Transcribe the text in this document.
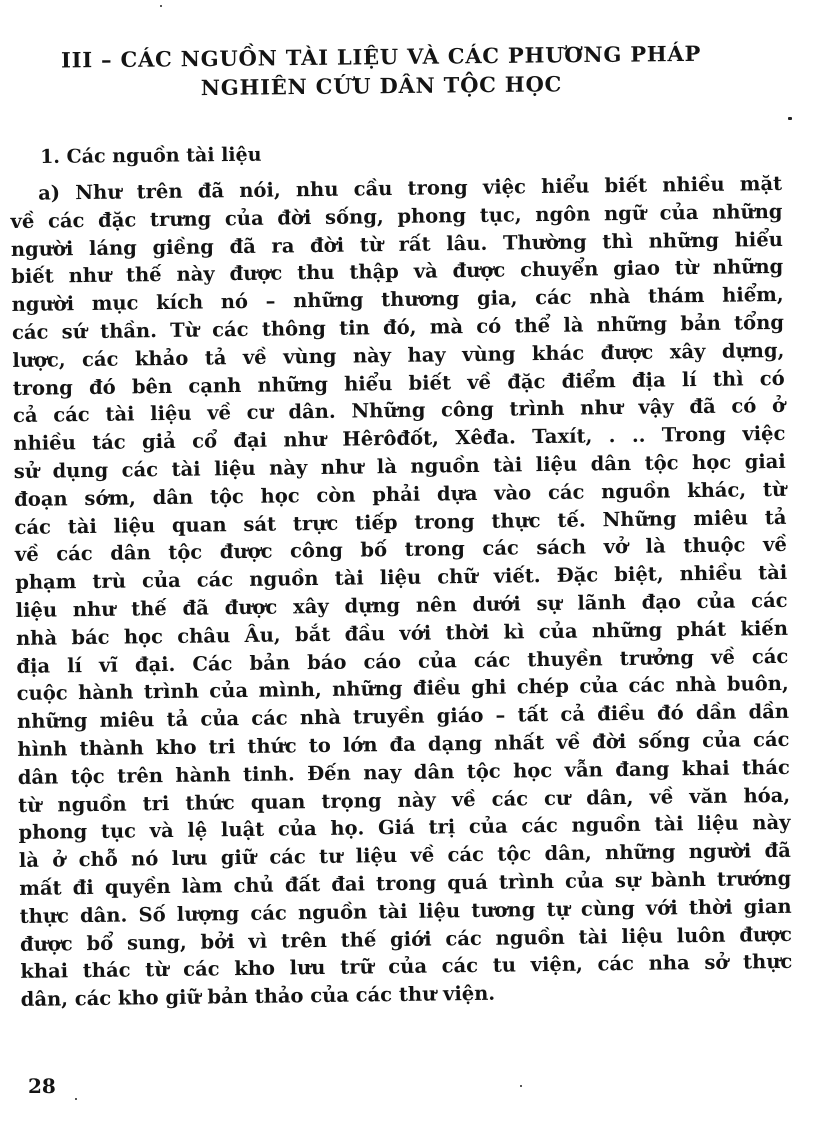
III – CÁC NGUỒN TÀI LIỆU VÀ CÁC PHƯƠNG PHÁP
NGHIÊN CỨU DÂN TỘC HỌC
1. Các nguồn tài liệu
a) Như trên đã nói, nhu cầu trong việc hiểu biết nhiều mặt
về các đặc trưng của đời sống, phong tục, ngôn ngữ của những
người láng giềng đã ra đời từ rất lâu. Thường thì những hiểu
biết như thế này được thu thập và được chuyển giao từ những
người mục kích nó – những thương gia, các nhà thám hiểm,
các sứ thần. Từ các thông tin đó, mà có thể là những bản tổng
lược, các khảo tả về vùng này hay vùng khác được xây dựng,
trong đó bên cạnh những hiểu biết về đặc điểm địa lí thì có
cả các tài liệu về cư dân. Những công trình như vậy đã có ở
nhiều tác giả cổ đại như Hêrôđốt, Xêđa. Taxít, . .. Trong việc
sử dụng các tài liệu này như là nguồn tài liệu dân tộc học giai
đoạn sớm, dân tộc học còn phải dựa vào các nguồn khác, từ
các tài liệu quan sát trực tiếp trong thực tế. Những miêu tả
về các dân tộc được công bố trong các sách vở là thuộc về
phạm trù của các nguồn tài liệu chữ viết. Đặc biệt, nhiều tài
liệu như thế đã được xây dựng nên dưới sự lãnh đạo của các
nhà bác học châu Âu, bắt đầu với thời kì của những phát kiến
địa lí vĩ đại. Các bản báo cáo của các thuyền trưởng về các
cuộc hành trình của mình, những điều ghi chép của các nhà buôn,
những miêu tả của các nhà truyền giáo – tất cả điều đó dần dần
hình thành kho tri thức to lớn đa dạng nhất về đời sống của các
dân tộc trên hành tinh. Đến nay dân tộc học vẫn đang khai thác
từ nguồn tri thức quan trọng này về các cư dân, về văn hóa,
phong tục và lệ luật của họ. Giá trị của các nguồn tài liệu này
là ở chỗ nó lưu giữ các tư liệu về các tộc dân, những người đã
mất đi quyền làm chủ đất đai trong quá trình của sự bành trướng
thực dân. Số lượng các nguồn tài liệu tương tự cùng với thời gian
được bổ sung, bởi vì trên thế giới các nguồn tài liệu luôn được
khai thác từ các kho lưu trữ của các tu viện, các nha sở thực
dân, các kho giữ bản thảo của các thư viện.
28
